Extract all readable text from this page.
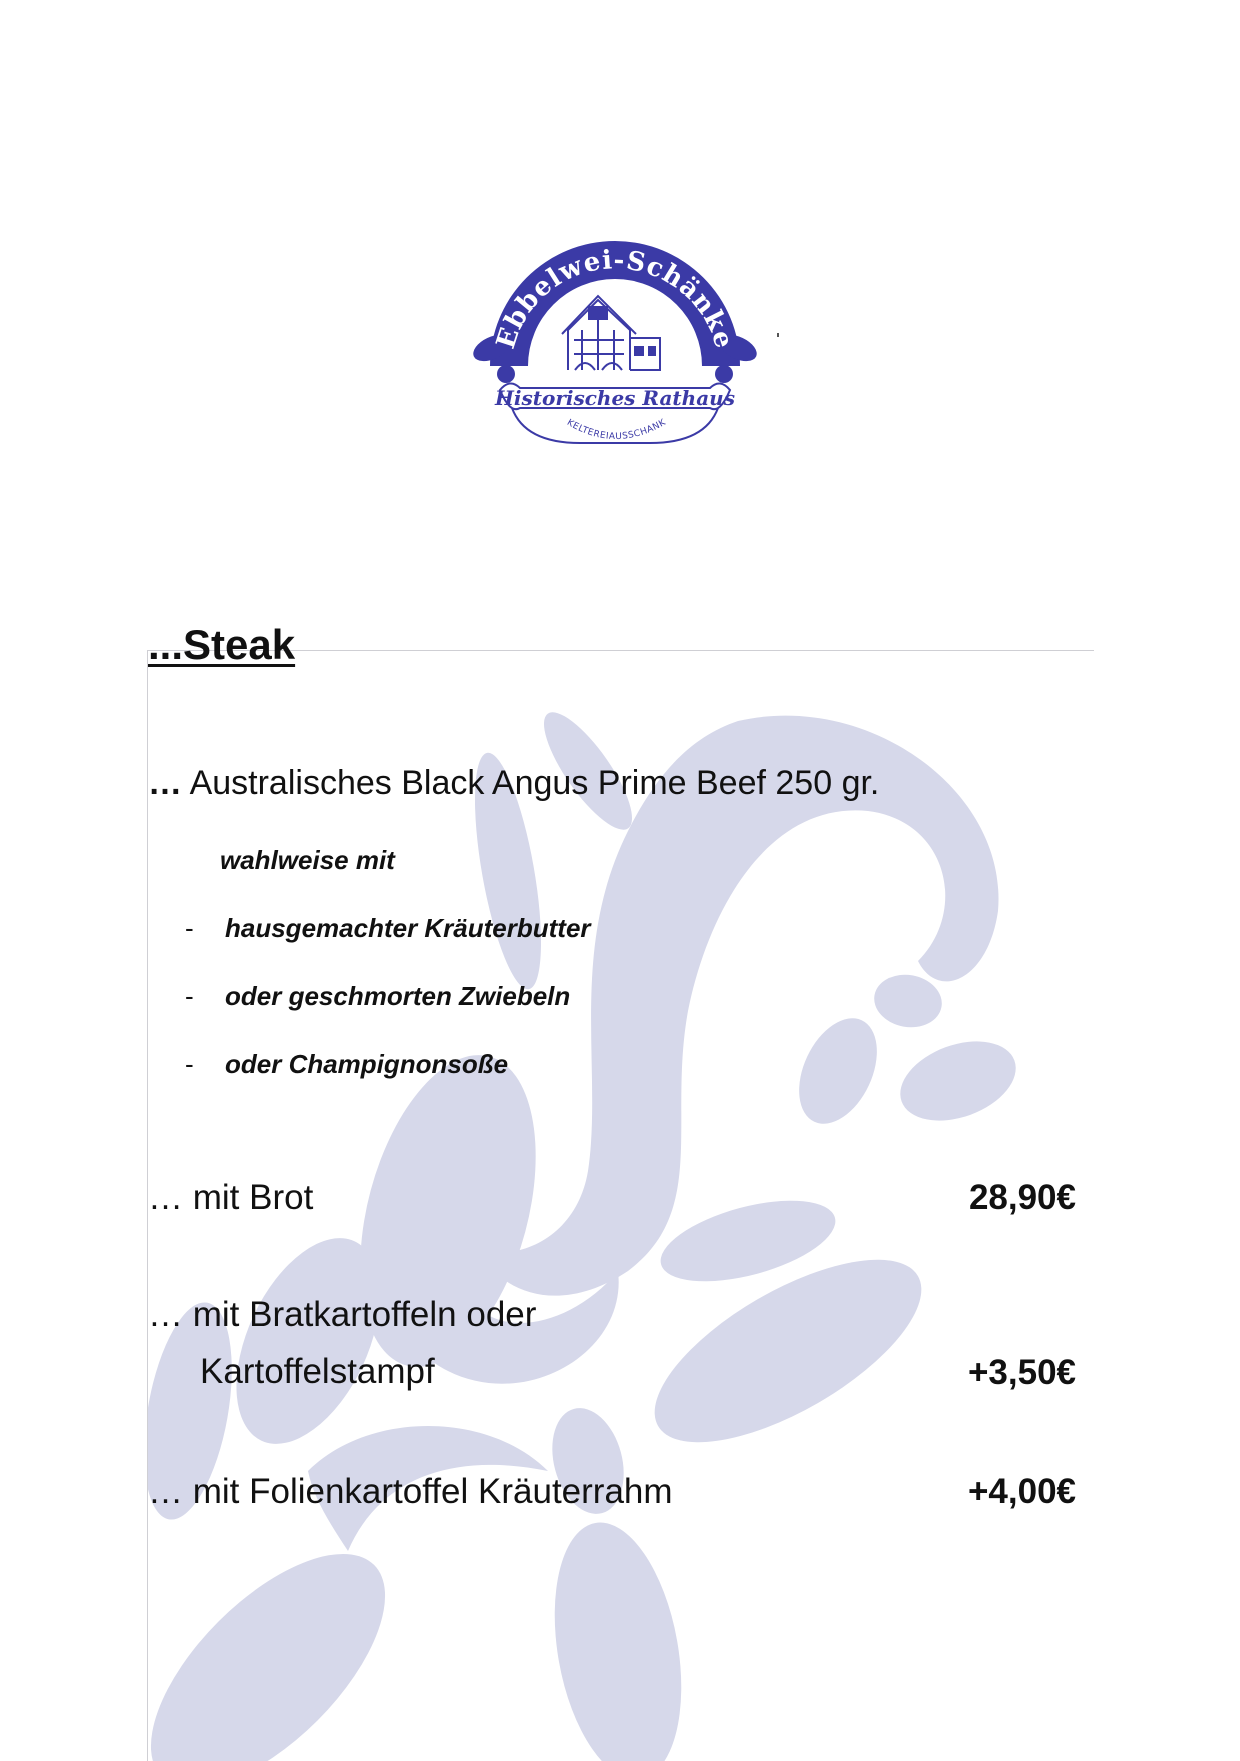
Ebbelwei-Schänke
Historisches Rathaus
KELTEREIAUSSCHANK
...Steak
… Australisches Black Angus Prime Beef 250 gr.
wahlweise mit
- hausgemachter Kräuterbutter
- oder geschmorten Zwiebeln
- oder Champignonsoße
… mit Brot	28,90€
… mit Bratkartoffeln oder
Kartoffelstampf	+3,50€
… mit Folienkartoffel Kräuterrahm	+4,00€
